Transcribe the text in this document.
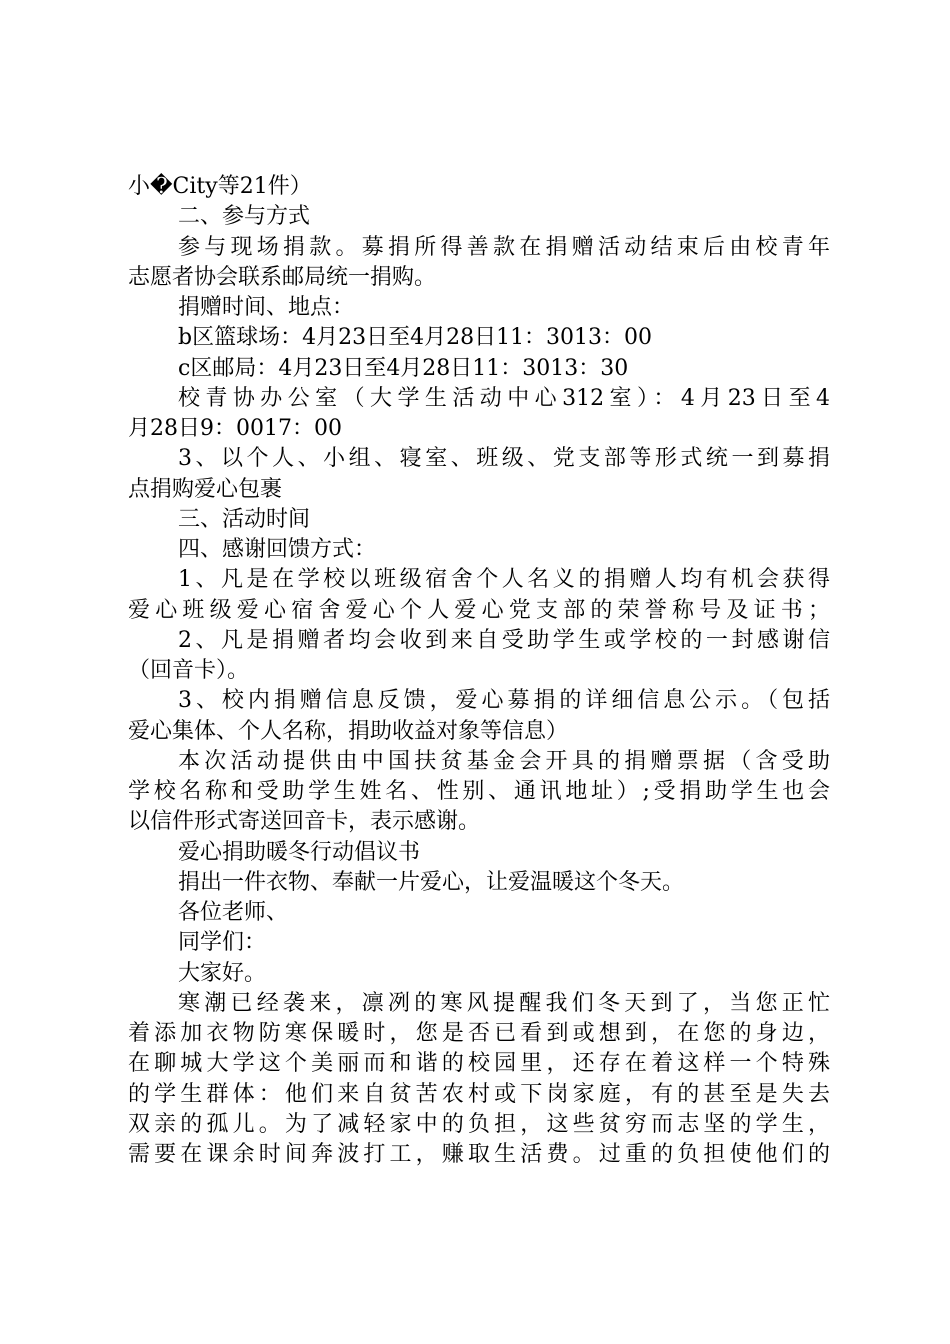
小�City等21件）
二、参与方式
参与现场捐款。募捐所得善款在捐赠活动结束后由校青年
志愿者协会联系邮局统一捐购。
捐赠时间、地点：
b区篮球场：4月23日至4月28日11：3013：00
c区邮局：4月23日至4月28日11：3013：30
校青协办公室（大学生活动中心312室）：4月23日至4
月28日9：0017：00
3、以个人、小组、寝室、班级、党支部等形式统一到募捐
点捐购爱心包裹
三、活动时间
四、感谢回馈方式：
1、凡是在学校以班级宿舍个人名义的捐赠人均有机会获得
爱心班级爱心宿舍爱心个人爱心党支部的荣誉称号及证书；
2、凡是捐赠者均会收到来自受助学生或学校的一封感谢信
（回音卡）。
3、校内捐赠信息反馈，爱心募捐的详细信息公示。（包括
爱心集体、个人名称，捐助收益对象等信息）
本次活动提供由中国扶贫基金会开具的捐赠票据（含受助
学校名称和受助学生姓名、性别、通讯地址）;受捐助学生也会
以信件形式寄送回音卡，表示感谢。
爱心捐助暖冬行动倡议书
捐出一件衣物、奉献一片爱心，让爱温暖这个冬天。
各位老师、
同学们：
大家好。
寒潮已经袭来，凛冽的寒风提醒我们冬天到了，当您正忙
着添加衣物防寒保暖时，您是否已看到或想到，在您的身边，
在聊城大学这个美丽而和谐的校园里，还存在着这样一个特殊
的学生群体：他们来自贫苦农村或下岗家庭，有的甚至是失去
双亲的孤儿。为了减轻家中的负担，这些贫穷而志坚的学生，
需要在课余时间奔波打工，赚取生活费。过重的负担使他们的
